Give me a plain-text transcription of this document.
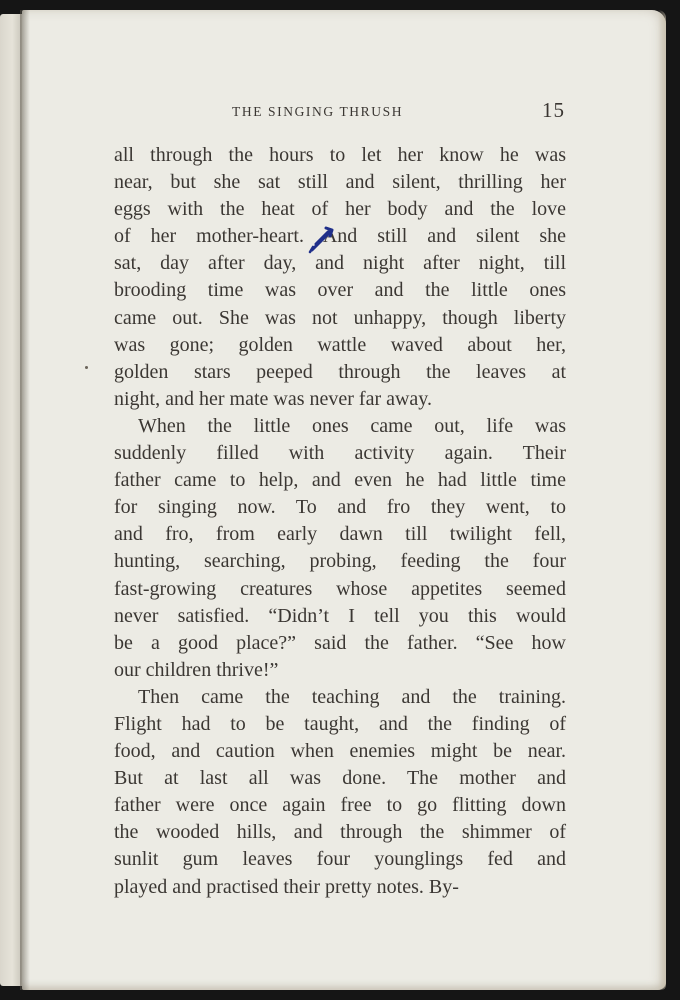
THE SINGING THRUSH	15
all through the hours to let her know he was
near, but she sat still and silent, thrilling her
eggs with the heat of her body and the love
of her mother-heart. And still and silent she
sat, day after day, and night after night, till
brooding time was over and the little ones
came out. She was not unhappy, though liberty
was gone; golden wattle waved about her,
golden stars peeped through the leaves at
night, and her mate was never far away.
When the little ones came out, life was
suddenly filled with activity again. Their
father came to help, and even he had little time
for singing now. To and fro they went, to
and fro, from early dawn till twilight fell,
hunting, searching, probing, feeding the four
fast-growing creatures whose appetites seemed
never satisfied. “Didn’t I tell you this would
be a good place?” said the father. “See how
our children thrive!”
Then came the teaching and the training.
Flight had to be taught, and the finding of
food, and caution when enemies might be near.
But at last all was done. The mother and
father were once again free to go flitting down
the wooded hills, and through the shimmer of
sunlit gum leaves four younglings fed and
played and practised their pretty notes. By-
